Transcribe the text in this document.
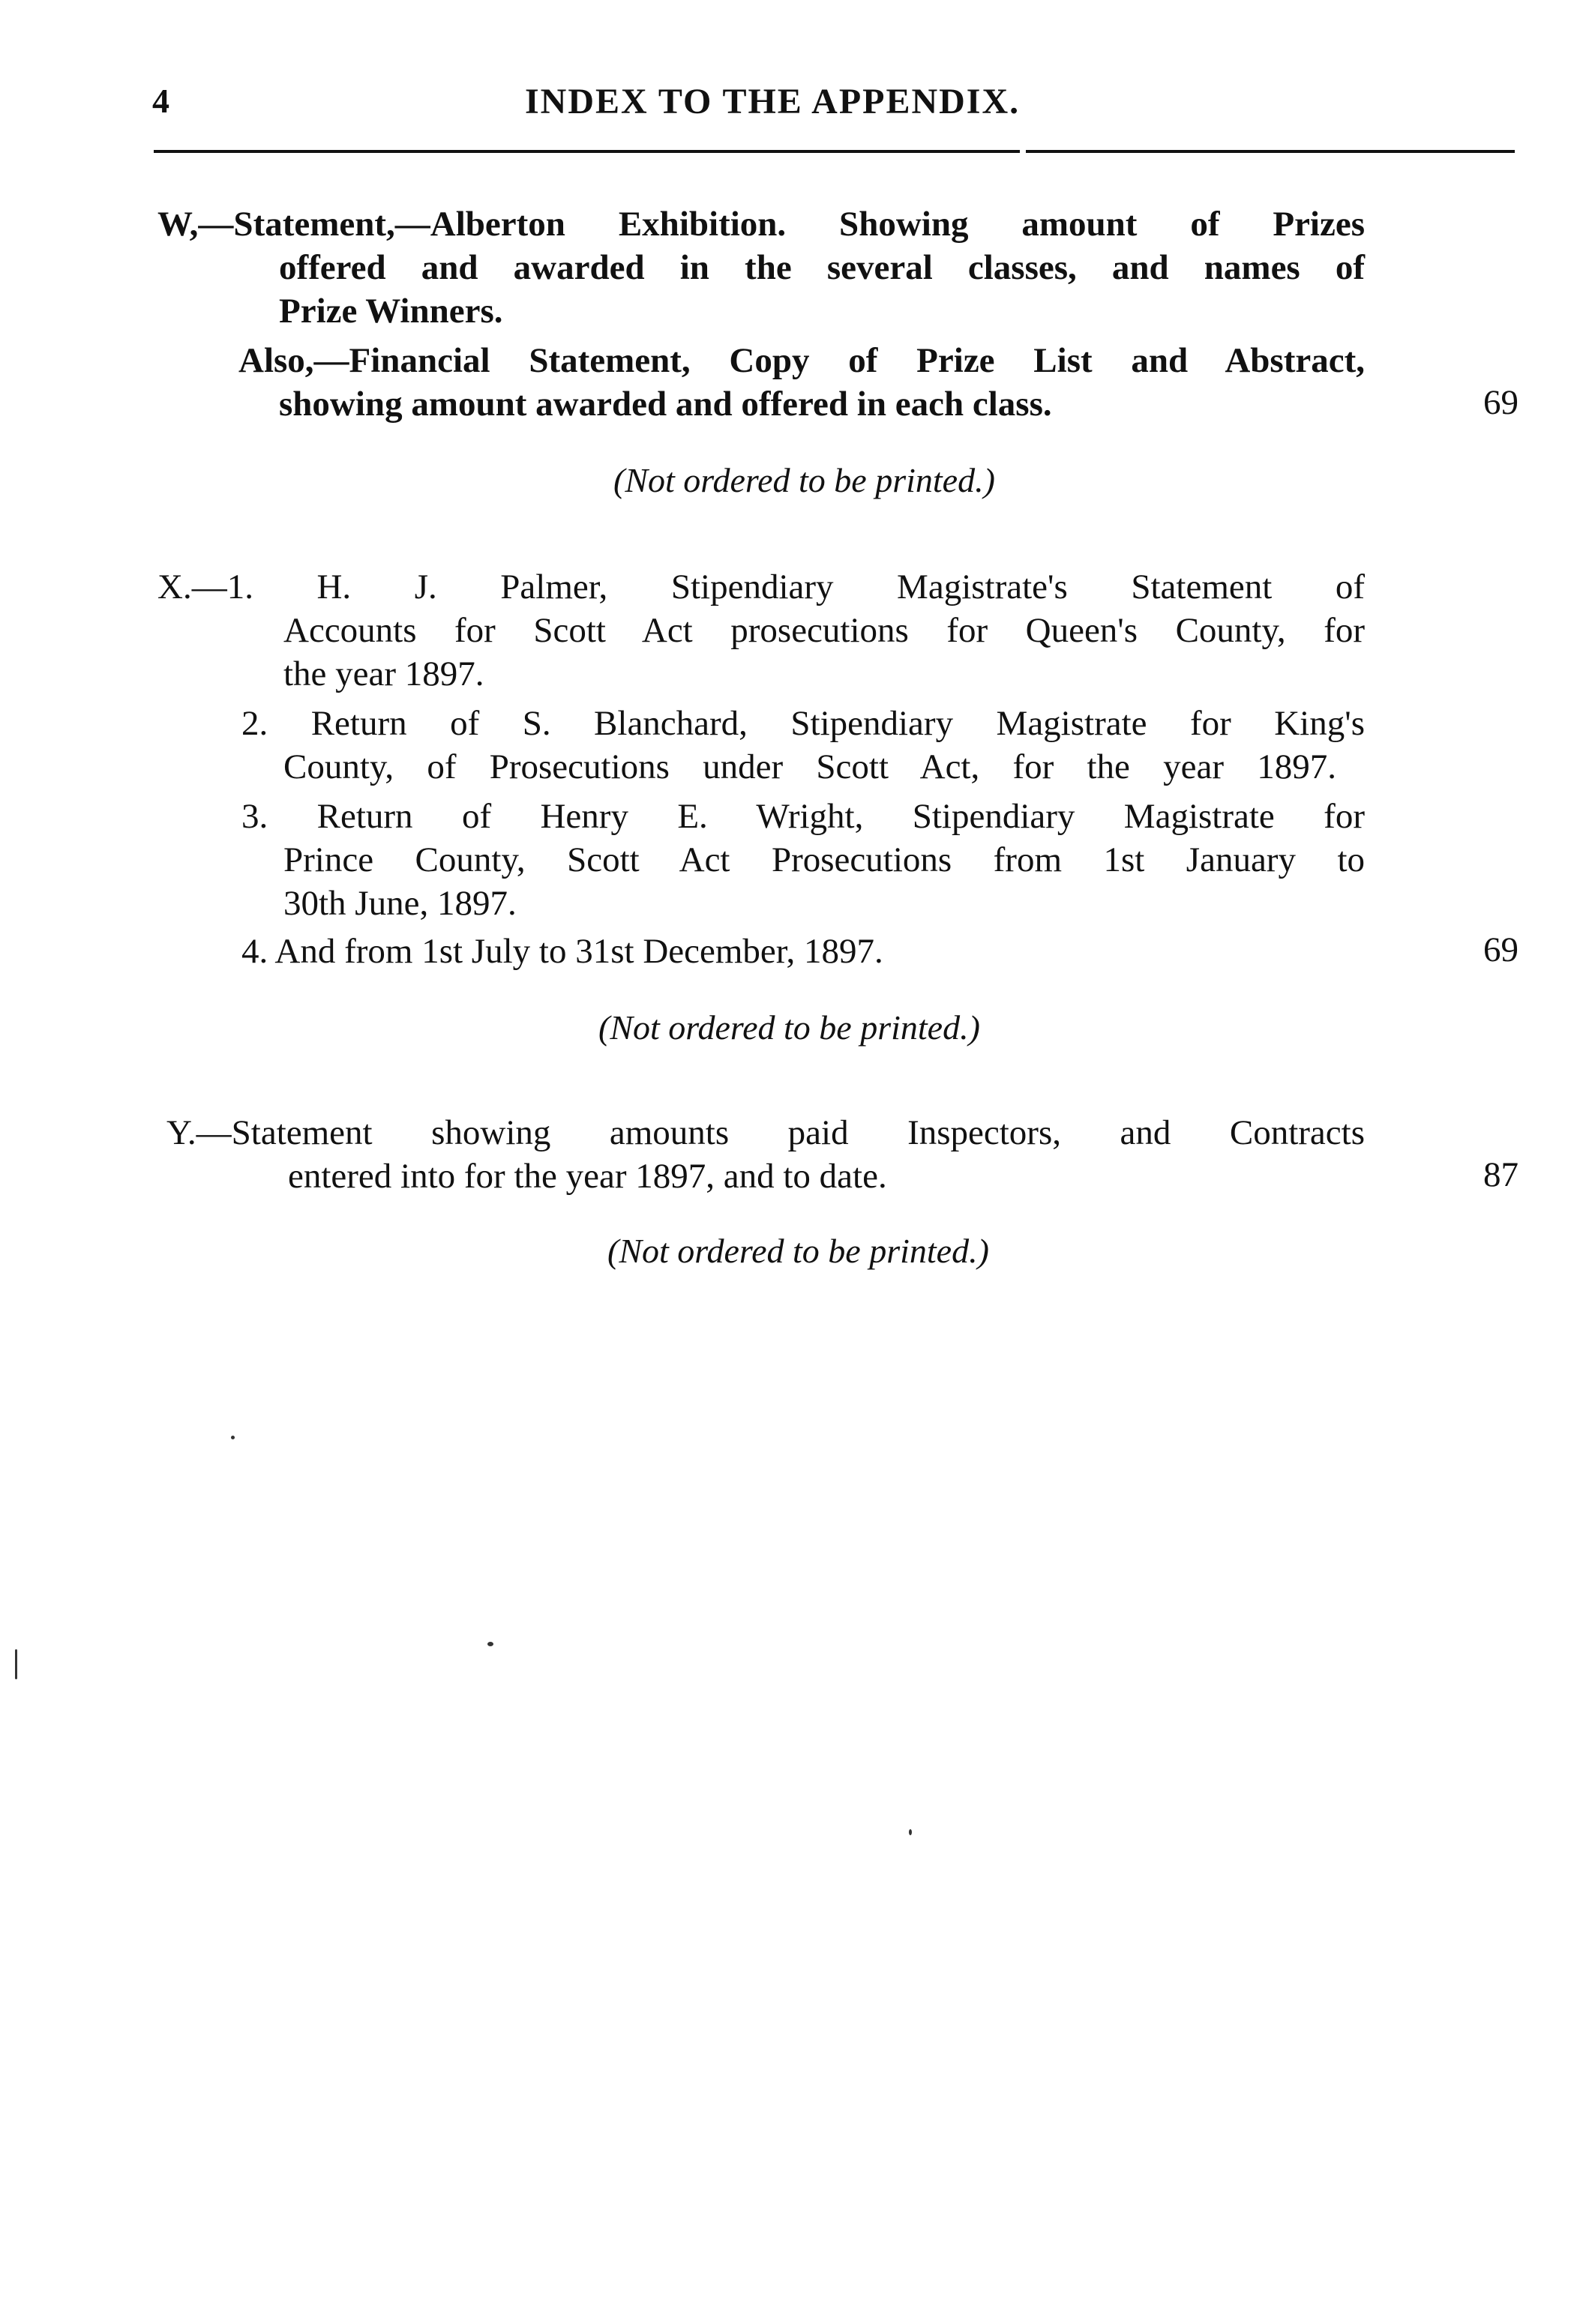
4	INDEX TO THE APPENDIX.
W,—Statement,—Alberton Exhibition. Showing amount of Prizes
offered and awarded in the several classes, and names of
Prize Winners.
Also,—Financial Statement, Copy of Prize List and Abstract,
showing amount awarded and offered in each class.	69
(Not ordered to be printed.)
X.—1. H. J. Palmer, Stipendiary Magistrate's Statement of
Accounts for Scott Act prosecutions for Queen's County, for
the year 1897.
2. Return of S. Blanchard, Stipendiary Magistrate for King's
County, of Prosecutions under Scott Act, for the year 1897.
3. Return of Henry E. Wright, Stipendiary Magistrate for
Prince County, Scott Act Prosecutions from 1st January to
30th June, 1897.
4. And from 1st July to 31st December, 1897.	69
(Not ordered to be printed.)
Y.—Statement showing amounts paid Inspectors, and Contracts
entered into for the year 1897, and to date.	87
(Not ordered to be printed.)
